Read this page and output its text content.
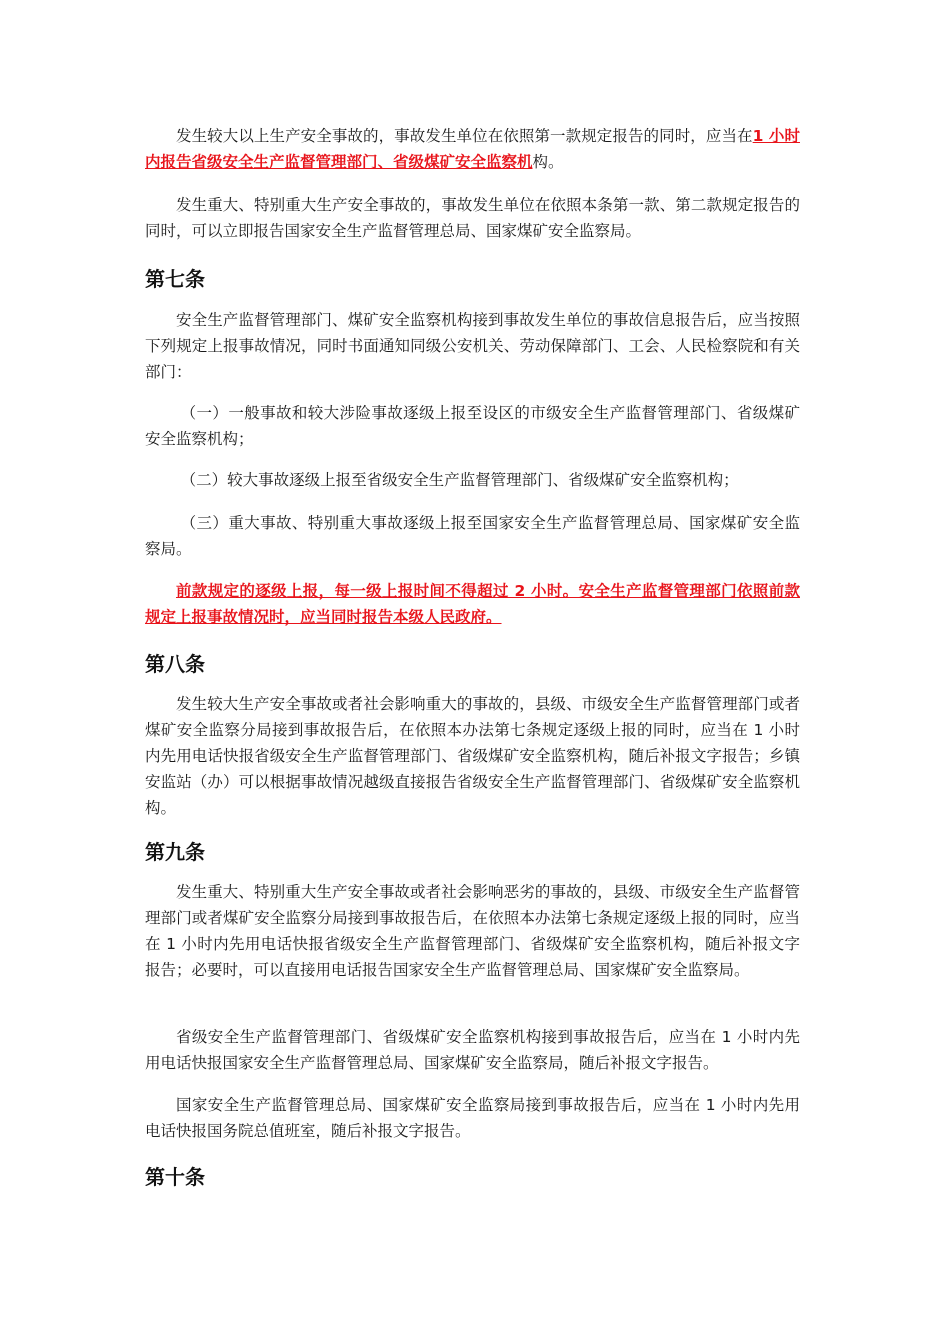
发生较大以上生产安全事故的，事故发生单位在依照第一款规定报告的同时，应当在1 小时内报告省级安全生产监督管理部门、省级煤矿安全监察机构。

发生重大、特别重大生产安全事故的，事故发生单位在依照本条第一款、第二款规定报告的同时，可以立即报告国家安全生产监督管理总局、国家煤矿安全监察局。

第七条

安全生产监督管理部门、煤矿安全监察机构接到事故发生单位的事故信息报告后，应当按照下列规定上报事故情况，同时书面通知同级公安机关、劳动保障部门、工会、人民检察院和有关部门：

（一）一般事故和较大涉险事故逐级上报至设区的市级安全生产监督管理部门、省级煤矿安全监察机构；

（二）较大事故逐级上报至省级安全生产监督管理部门、省级煤矿安全监察机构；

（三）重大事故、特别重大事故逐级上报至国家安全生产监督管理总局、国家煤矿安全监察局。

前款规定的逐级上报，每一级上报时间不得超过 2 小时。安全生产监督管理部门依照前款规定上报事故情况时，应当同时报告本级人民政府。

第八条

发生较大生产安全事故或者社会影响重大的事故的，县级、市级安全生产监督管理部门或者煤矿安全监察分局接到事故报告后，在依照本办法第七条规定逐级上报的同时，应当在 1 小时内先用电话快报省级安全生产监督管理部门、省级煤矿安全监察机构，随后补报文字报告；乡镇安监站（办）可以根据事故情况越级直接报告省级安全生产监督管理部门、省级煤矿安全监察机构。

第九条

发生重大、特别重大生产安全事故或者社会影响恶劣的事故的，县级、市级安全生产监督管理部门或者煤矿安全监察分局接到事故报告后，在依照本办法第七条规定逐级上报的同时，应当在 1 小时内先用电话快报省级安全生产监督管理部门、省级煤矿安全监察机构，随后补报文字报告；必要时，可以直接用电话报告国家安全生产监督管理总局、国家煤矿安全监察局。

省级安全生产监督管理部门、省级煤矿安全监察机构接到事故报告后，应当在 1 小时内先用电话快报国家安全生产监督管理总局、国家煤矿安全监察局，随后补报文字报告。

国家安全生产监督管理总局、国家煤矿安全监察局接到事故报告后，应当在 1 小时内先用电话快报国务院总值班室，随后补报文字报告。

第十条
